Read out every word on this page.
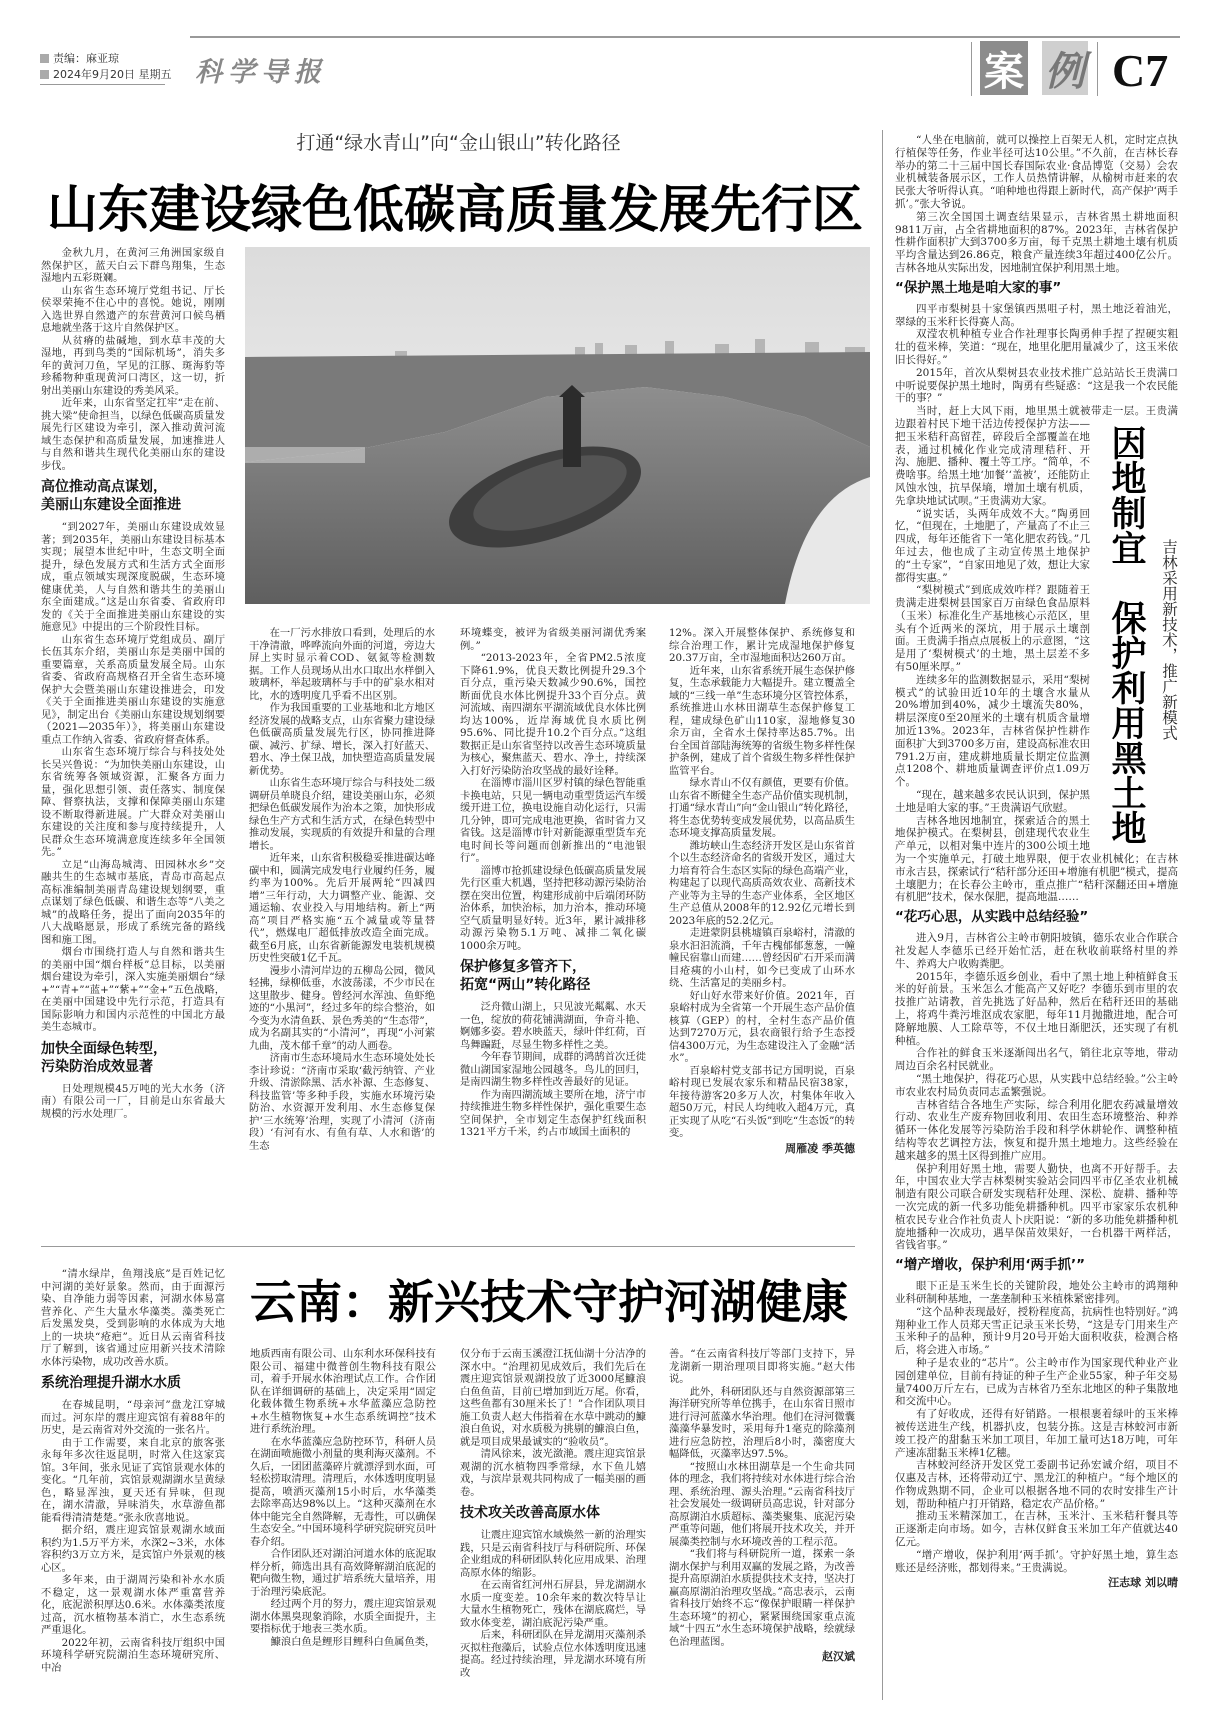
责编：麻亚琼
2024年9月20日 星期五 科学导报	案 例 C7
打通“绿水青山”向“金山银山”转化路径
山东建设绿色低碳高质量发展先行区

金秋九月，在黄河三角洲国家级自然保护区，蓝天白云下群鸟翔集，生态湿地内五彩斑斓。

山东省生态环境厅党组书记、厅长侯翠荣掩不住心中的喜悦。她说，刚刚入选世界自然遗产的东营黄河口候鸟栖息地就坐落于这片自然保护区。

从贫瘠的盐碱地，到水草丰茂的大湿地，再到鸟类的“国际机场”，消失多年的黄河刀鱼，罕见的江豚、斑海豹等珍稀物种重现黄河口湾区，这一切，折射出美丽山东建设的秀美风采。

近年来，山东省坚定扛牢“走在前、挑大梁”使命担当，以绿色低碳高质量发展先行区建设为牵引，深入推动黄河流域生态保护和高质量发展，加速推进人与自然和谐共生现代化美丽山东的建设步伐。

高位推动高点谋划，
美丽山东建设全面推进

“到2027年，美丽山东建设成效显著；到2035年，美丽山东建设目标基本实现；展望本世纪中叶，生态文明全面提升，绿色发展方式和生活方式全面形成，重点领域实现深度脱碳，生态环境健康优美，人与自然和谐共生的美丽山东全面建成。”这是山东省委、省政府印发的《关于全面推进美丽山东建设的实施意见》中提出的三个阶段性目标。

山东省生态环境厅党组成员、副厅长伍其东介绍，美丽山东是美丽中国的重要篇章，关系高质量发展全局。山东省委、省政府高规格召开全省生态环境保护大会暨美丽山东建设推进会，印发《关于全面推进美丽山东建设的实施意见》，制定出台《美丽山东建设规划纲要（2021—2035年）》，将美丽山东建设重点工作纳入省委、省政府督查体系。

山东省生态环境厅综合与科技处处长吴兴鲁说：“为加快美丽山东建设，山东省统筹各领域资源，汇聚各方面力量，强化思想引领、责任落实、制度保障、督察执法，支撑和保障美丽山东建设不断取得新进展。广大群众对美丽山东建设的关注度和参与度持续提升，人民群众生态环境满意度连续多年全国领先。”

立足“山海岛城湾、田园林水乡”交融共生的生态城市基底，青岛市高起点高标准编制美丽青岛建设规划纲要，重点谋划了绿色低碳、和谐生态等“八美之城”的战略任务，提出了面向2035年的八大战略愿景，形成了系统完备的路线图和施工图。

烟台市围绕打造人与自然和谐共生的美丽中国“烟台样板”总目标，以美丽烟台建设为牵引，深入实施美丽烟台“绿+”“青+”“蓝+”“紫+”“金+”五色战略，在美丽中国建设中先行示范，打造具有国际影响力和国内示范性的中国北方最美生态城市。

加快全面绿色转型，
污染防治成效显著

日处理规模45万吨的光大水务（济南）有限公司一厂，目前是山东省最大规模的污水处理厂。

在一厂污水排放口看到，处理后的水干净清澈，哗哗流向外面的河道，旁边大屏上实时显示着COD、氨氮等检测数据。工作人员现场从出水口取出水样倒入玻璃杯，举起玻璃杯与手中的矿泉水相对比，水的透明度几乎看不出区别。

作为我国重要的工业基地和北方地区经济发展的战略支点，山东省聚力建设绿色低碳高质量发展先行区，协同推进降碳、减污、扩绿、增长，深入打好蓝天、碧水、净土保卫战，加快塑造高质量发展新优势。

山东省生态环境厅综合与科技处二级调研员单晓良介绍，建设美丽山东，必须把绿色低碳发展作为治本之策，加快形成绿色生产方式和生活方式，在绿色转型中推动发展，实现质的有效提升和量的合理增长。

近年来，山东省积极稳妥推进碳达峰碳中和，圆满完成发电行业履约任务，履约率为100%。先后开展两轮“四减四增”三年行动，大力调整产业、能源、交通运输、农业投入与用地结构。新上“两高”项目严格实施“五个减量或等量替代”，燃煤电厂超低排放改造全面完成。截至6月底，山东省新能源发电装机规模历史性突破1亿千瓦。

漫步小清河岸边的五柳岛公园，微风轻拂，绿柳低垂，水波荡漾，不少市民在这里散步、健身。曾经河水浑浊、鱼虾绝迹的“小黑河”，经过多年的综合整治，如今变为水清鱼跃、景色秀美的“生态带”，成为名副其实的“小清河”，再现“小河萦九曲，茂木郁千章”的动人画卷。

济南市生态环境局水生态环境处处长李计珍说：“济南市采取‘截污纳管、产业升级、清淤除黑、活水补源、生态修复、科技监管’等多种手段，实施水环境污染防治、水资源开发利用、水生态修复保护‘三水统筹’治理，实现了小清河（济南段）‘有河有水、有鱼有草、人水和谐’的生态

环境蝶变，被评为省级美丽河湖优秀案例。”

“2013-2023年，全省PM2.5浓度下降61.9%，优良天数比例提升29.3个百分点，重污染天数减少90.6%，国控断面优良水体比例提升33个百分点。黄河流域、南四湖东平湖流域优良水体比例均达100%，近岸海域优良水质比例95.6%、同比提升10.2个百分点。”这组数据正是山东省坚持以改善生态环境质量为核心，聚焦蓝天、碧水、净土，持续深入打好污染防治攻坚战的最好诠释。

在淄博市淄川区罗村镇的绿色智能重卡换电站，只见一辆电动重型货运汽车缓缓开进工位，换电设施自动化运行，只需几分钟，即可完成电池更换，省时省力又省钱。这是淄博市针对新能源重型货车充电时间长等问题而创新推出的“电池银行”。

淄博市抢抓建设绿色低碳高质量发展先行区重大机遇，坚持把移动源污染防治摆在突出位置，构建形成前中后端闭环防治体系，加快治标，加力治本，推动环境空气质量明显好转。近3年，累计减排移动源污染物5.1万吨、减排二氧化碳1000余万吨。

保护修复多管齐下，
拓宽“两山”转化路径

泛舟微山湖上，只见波光粼粼、水天一色，绽放的荷花铺满湖面，争奇斗艳、婀娜多姿。碧水映蓝天，绿叶伴红荷，百鸟舞蹁跹，尽显生物多样性之美。

今年春节期间，成群的鸿鹄首次迁徙微山湖国家湿地公园越冬。鸟儿的回归，是南四湖生物多样性改善最好的见证。

作为南四湖流域主要所在地，济宁市持续推进生物多样性保护，强化重要生态空间保护，全市划定生态保护红线面积1321平方千米，约占市域国土面积的

12%。深入开展整体保护、系统修复和综合治理工作，累计完成湿地保护修复20.37万亩，全市湿地面积达260万亩。

近年来，山东省系统开展生态保护修复，生态承载能力大幅提升。建立覆盖全域的“三线一单”生态环境分区管控体系，系统推进山水林田湖草生态保护修复工程，建成绿色矿山110家，湿地修复30余万亩，全省水土保持率达85.7%。出台全国首部陆海统筹的省级生物多样性保护条例，建成了首个省级生物多样性保护监管平台。

绿水青山不仅有颜值，更要有价值。山东省不断健全生态产品价值实现机制，打通“绿水青山”向“金山银山”转化路径，将生态优势转变成发展优势，以高品质生态环境支撑高质量发展。

潍坊峡山生态经济开发区是山东省首个以生态经济命名的省级开发区，通过大力培育符合生态区实际的绿色高端产业，构建起了以现代高质高效农业、高新技术产业等为主导的生态产业体系，全区地区生产总值从2008年的12.92亿元增长到2023年底的52.2亿元。

走进蒙阴县桃墟镇百泉峪村，清澈的泉水汩汩流淌，千年古槐郁郁葱葱，一幢幢民宿靠山而建……曾经因矿石开采而满目疮痍的小山村，如今已变成了山环水绕、生活富足的美丽乡村。

好山好水带来好价值。2021年，百泉峪村成为全省第一个开展生态产品价值核算（GEP）的村，全村生态产品价值达到7270万元，县农商银行给予生态授信4300万元，为生态建设注入了金融“活水”。

百泉峪村党支部书记方国明说，百泉峪村现已发展农家乐和精品民宿38家，年接待游客20多万人次，村集体年收入超50万元，村民人均纯收入超4万元，真正实现了从吃“石头饭”到吃“生态饭”的转变。

周雁凌 季英德

“清水绿岸，鱼翔浅底”是百姓记忆中河湖的美好景象。然而，由于面源污染、自净能力弱等因素，河湖水体易富营养化、产生大量水华藻类。藻类死亡后发黑发臭，受到影响的水体成为大地上的一块块“疮疤”。近日从云南省科技厅了解到，该省通过应用新兴技术清除水体污染物，成功改善水质。

系统治理提升湖水水质

在春城昆明，“母亲河”盘龙江穿城而过。河东岸的震庄迎宾馆有着88年的历史，是云南省对外交流的一张名片。

由于工作需要，来自北京的旅客张永每年多次往返昆明，时常入住这家宾馆。3年间，张永见证了宾馆景观水体的变化。“几年前，宾馆景观湖湖水呈黄绿色，略显浑浊，夏天还有异味，但现在，湖水清澈，异味消失，水草游鱼都能看得清清楚楚。”张永欣喜地说。

据介绍，震庄迎宾馆景观湖水域面积约为1.5万平方米，水深2~3米，水体容积约3万立方米，是宾馆户外景观的核心区。

多年来，由于湖周污染和补水水质不稳定，这一景观湖水体严重富营养化，底泥淤积厚达0.6米。水体藻类浓度过高，沉水植物基本消亡，水生态系统严重退化。

2022年初，云南省科技厅组织中国环境科学研究院湖泊生态环境研究所、中冶

云南：新兴技术守护河湖健康

地质西南有限公司、山东利水环保科技有限公司、福建中微普创生物科技有限公司，着手开展水体治理试点工作。合作团队在详细调研的基础上，决定采用“固定化载体微生物系统+水华蓝藻应急防控+水生植物恢复+水生态系统调控”技术进行系统治理。

在水华蓝藻应急防控环节，科研人员在湖面喷施微小剂量的奥利海灭藻剂。不久后，一团团蓝藻碎片就漂浮到水面，可轻松捞取清理。清理后，水体透明度明显提高，喷洒灭藻剂15小时后，水华藻类去除率高达98%以上。“这种灭藻剂在水体中能完全自然降解，无毒性，可以确保生态安全。”中国环境科学研究院研究员叶春介绍。

合作团队还对湖泊河道水体的底泥取样分析，筛选出具有高效降解湖泊底泥的靶向微生物，通过扩培系统大量培养，用于治理污染底泥。

经过两个月的努力，震庄迎宾馆景观湖水体黑臭现象消除，水质全面提升，主要指标优于地表三类水质。

鱇浪白鱼是鲤形目鲤科白鱼属鱼类，

仅分布于云南玉溪澄江抚仙湖十分洁净的深水中。“治理初见成效后，我们先后在震庄迎宾馆景观湖投放了近3000尾鱇浪白鱼鱼苗，目前已增加到近万尾。你看，这些鱼都有30厘米长了！”合作团队项目施工负责人赵大伟指着在水草中跳动的鱇浪白鱼说，对水质极为挑剔的鱇浪白鱼，就是项目成果最诚实的“验收员”。

清风徐来，波光潋滟。震庄迎宾馆景观湖的沉水植物四季常绿，水下鱼儿嬉戏，与滨岸景观共同构成了一幅美丽的画卷。

技术攻关改善高原水体

让震庄迎宾馆水域焕然一新的治理实践，只是云南省科技厅与科研院所、环保企业组成的科研团队转化应用成果、治理高原水体的缩影。

在云南省红河州石屏县，异龙湖湖水水质一度变差。10余年来的数次特旱让大量水生植物死亡，残体在湖底腐烂，导致水体变差，湖泊底泥污染严重。

后来，科研团队在异龙湖用灭藻剂杀灭拟柱孢藻后，试验点位水体透明度迅速提高。经过持续治理，异龙湖水环境有所改

善。“在云南省科技厅等部门支持下，异龙湖新一期治理项目即将实施。”赵大伟说。

此外，科研团队还与自然资源部第三海洋研究所等单位携手，在山东省日照市进行浔河蓝藻水华治理。他们在浔河微囊藻藻华暴发时，采用每升1毫克的除藻剂进行应急防控，治理后8小时，藻密度大幅降低，灭藻率达97.5%。

“按照山水林田湖草是一个生命共同体的理念，我们将持续对水体进行综合治理、系统治理、源头治理。”云南省科技厅社会发展处一级调研员高忠说，针对部分高原湖泊水质超标、藻类聚集、底泥污染严重等问题，他们将展开技术攻关，并开展藻类控制与水环境改善的工程示范。

“我们将与科研院所一道，探索一条湖水保护与利用双赢的发展之路，为改善提升高原湖泊水质提供技术支持，坚决打赢高原湖泊治理攻坚战。”高忠表示，云南省科技厅始终不忘“像保护眼睛一样保护生态环境”的初心，紧紧围绕国家重点流域“十四五”水生态环境保护战略，绘就绿色治理蓝图。

赵汉斌

“人坐在电脑前，就可以操控上百架无人机，定时定点执行植保等任务，作业半径可达10公里。”不久前，在吉林长春举办的第二十三届中国长春国际农业·食品博览（交易）会农业机械装备展示区，工作人员热情讲解，从榆树市赶来的农民张大爷听得认真。“咱种地也得跟上新时代，高产保护‘两手抓’。”张大爷说。

第三次全国国土调查结果显示，吉林省黑土耕地面积9811万亩，占全省耕地面积的87%。2023年，吉林省保护性耕作面积扩大到3700多万亩，每千克黑土耕地土壤有机质平均含量达到26.86克，粮食产量连续3年超过400亿公斤。吉林各地从实际出发，因地制宜保护利用黑土地。

“保护黑土地是咱大家的事”

四平市梨树县十家堡镇西黑咀子村，黑土地泛着油光，翠绿的玉米秆长得赛人高。

双滢农机种植专业合作社理事长陶勇伸手捏了捏硬实粗壮的苞米棒，笑道：“现在，地里化肥用量减少了，这玉米依旧长得好。”

2015年，首次从梨树县农业技术推广总站站长王贵满口中听说要保护黑土地时，陶勇有些疑惑：“这是我一个农民能干的事？”

当时，赶上大风下雨，地里黑土就被带走一层。王贵满边跟着村民下地干活边传授保护方法——把玉米秸秆高留茬，碎段后全部覆盖在地表，通过机械化作业完成清理秸秆、开沟、施肥、播种、覆土等工序。“简单，不费啥事。给黑土地‘加餐’‘盖被’，还能防止风蚀水蚀，抗旱保墒，增加土壤有机质，先拿块地试试呗。”王贵满劝大家。

“说实话，头两年成效不大。”陶勇回忆，“但现在，土地肥了，产量高了不止三四成，每年还能省下一笔化肥农药钱。”几年过去，他也成了主动宣传黑土地保护的“土专家”，“自家田地见了效，想让大家都得实惠。”

“梨树模式”到底成效咋样？跟随着王贵满走进梨树县国家百万亩绿色食品原料（玉米）标准化生产基地核心示范区，里头有个近两米的深坑，用于展示土壤剖面。王贵满手指点点展板上的示意图，“这是用了‘梨树模式’的土地，黑土层差不多有50厘米厚。”

连续多年的监测数据显示，采用“梨树模式”的试验田近10年的土壤含水量从20%增加到40%，减少土壤流失80%，耕层深度0至20厘米的土壤有机质含量增加近13%。2023年，吉林省保护性耕作面积扩大到3700多万亩，建设高标准农田791.2万亩，建成耕地质量长期定位监测点1208个、耕地质量调查评价点1.09万个。

“现在，越来越多农民认识到，保护黑土地是咱大家的事。”王贵满语气欣慰。

吉林各地因地制宜，探索适合的黑土地保护模式。在梨树县，创建现代农业生产单元，以相对集中连片的300公顷土地为一个实施单元，打破土地界限，便于农业机械化；在吉林市永吉县，探索试行“秸秆部分还田+增施有机肥”模式，提高土壤肥力；在长春公主岭市，重点推广“秸秆深翻还田+增施有机肥”技术，保水保肥，提高地温……

“花巧心思，从实践中总结经验”

进入9月，吉林省公主岭市朝阳坡镇，德乐农业合作联合社发起人李德乐已经开始忙活，赶在秋收前联络村里的养牛、养鸡大户收购粪肥。

2015年，李德乐返乡创业，看中了黑土地上种植鲜食玉米的好前景。玉米怎么才能高产又好吃？李德乐到市里的农技推广站请教，首先挑选了好品种，然后在秸秆还田的基础上，将鸡牛粪污堆沤成农家肥，每年11月抛撒进地，配合可降解地膜、人工除草等，不仅土地日渐肥沃，还实现了有机种植。

合作社的鲜食玉米逐渐闯出名气，销往北京等地，带动周边百余名村民就业。

“黑土地保护，得花巧心思，从实践中总结经验。”公主岭市农业农村局负责同志孟繁强说。

吉林省结合各地生产实际，综合利用化肥农药减量增效行动、农业生产废弃物回收利用、农田生态环境整治、种养循环一体化发展等污染防治手段和科学休耕轮作、调整种植结构等农艺调控方法，恢复和提升黑土地地力。这些经验在越来越多的黑土区得到推广应用。

保护利用好黑土地，需要人勤快，也离不开好帮手。去年，中国农业大学吉林梨树实验站会同四平市亿圣农业机械制造有限公司联合研发实现秸秆处理、深松、旋耕、播种等一次完成的新一代多功能免耕播种机。四平市家家乐农机种植农民专业合作社负责人卜庆阳说：“新的多功能免耕播种机旋地播种一次成功，遇旱保苗效果好，一台机器干两样活，省钱省事。”

“增产增收，保护利用‘两手抓’”

眼下正是玉米生长的关键阶段，地处公主岭市的鸿翔种业科研制种基地，一垄垄制种玉米植株紧密排列。

“这个品种表现最好，授粉程度高，抗病性也特别好。”鸿翔种业工作人员郑天雪正记录玉米长势，“这是专门用来生产玉米种子的品种，预计9月20号开始大面积收获，检测合格后，将会进入市场。”

种子是农业的“芯片”。公主岭市作为国家现代种业产业园创建单位，目前有持证的种子生产企业55家，种子年交易量7400万斤左右，已成为吉林省乃至东北地区的种子集散地和交流中心。

有了好收成，还得有好销路。一根根裹着绿叶的玉米棒被传送进生产线，机器扒皮，包装分拣。这是吉林蛟河市新竣工投产的甜黏玉米加工项目，年加工量可达18万吨，可年产速冻甜黏玉米棒1亿穗。

吉林蛟河经济开发区党工委副书记孙宏诚介绍，项目不仅惠及吉林，还将带动辽宁、黑龙江的种植户。“每个地区的作物成熟期不同，企业可以根据各地不同的农时安排生产计划，帮助种植户打开销路，稳定农产品价格。”

推动玉米精深加工，在吉林，玉米汁、玉米秸秆餐具等正逐渐走向市场。如今，吉林仅鲜食玉米加工年产值就达40亿元。

“增产增收，保护利用‘两手抓’。守护好黑土地，算生态账还是经济账，都划得来。”王贵满说。

汪志球 刘以晴
因地制宜　保护利用黑土地 吉林采用新技术，推广新模式
